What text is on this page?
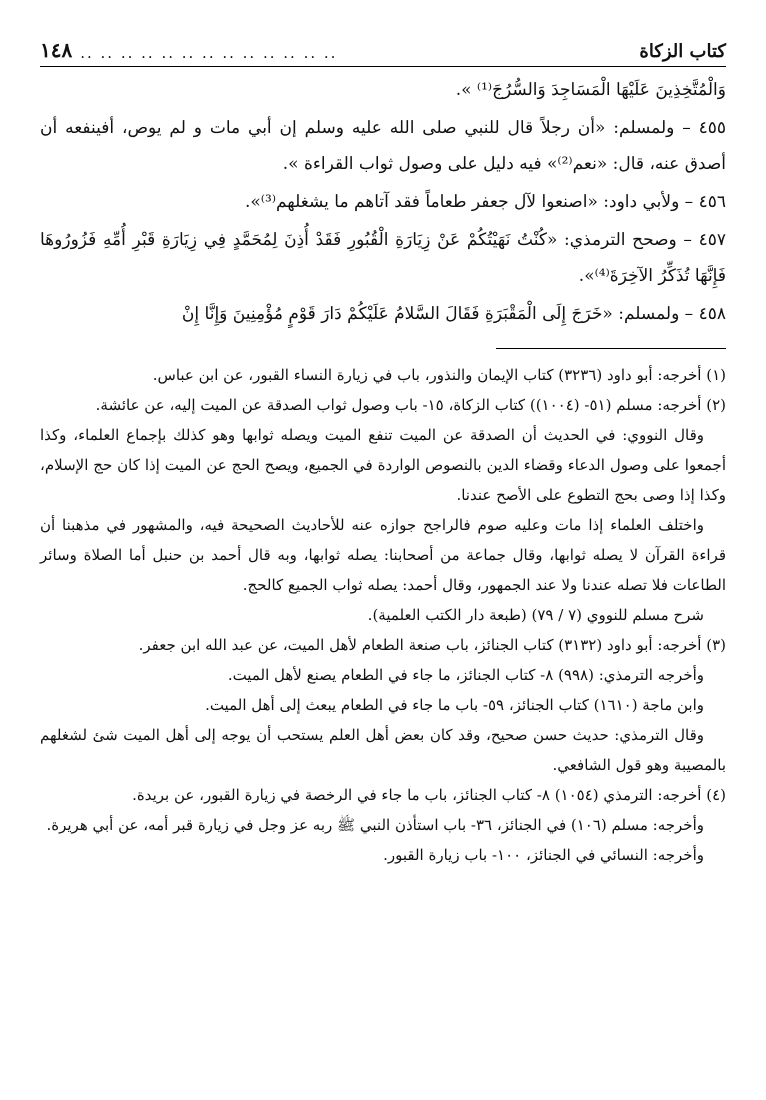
كتاب الزكاة
.. .. .. .. .. .. .. .. .. .. .. .. ..
١٤٨

وَالْمُتَّخِذِينَ عَلَيْهَا الْمَسَاجِدَ وَالسُّرُجَ⁽¹⁾ ».

٤٥٥ – ولمسلم: «أن رجلاً قال للنبي صلى الله عليه وسلم إن أبي مات و لم يوص، أفينفعه أن أصدق عنه، قال: «نعم⁽²⁾» فيه دليل على وصول ثواب القراءة ».

٤٥٦ – ولأبي داود: «اصنعوا لآل جعفر طعاماً فقد آتاهم ما يشغلهم⁽³⁾».

٤٥٧ – وصحح الترمذي: «كُنْتُ نَهَيْتُكُمْ عَنْ زِيَارَةِ الْقُبُورِ فَقَدْ أُذِنَ لِمُحَمَّدٍ فِي زِيَارَةِ قَبْرِ أُمِّهِ فَزُورُوهَا فَإِنَّهَا تُذَكِّرُ الآخِرَةَ⁽⁴⁾».

٤٥٨ – ولمسلم: «خَرَجَ إِلَى الْمَقْبَرَةِ فَقَالَ السَّلامُ عَلَيْكُمْ دَارَ قَوْمٍ مُؤْمِنِينَ وَإِنَّا إِنْ

(١) أخرجه: أبو داود (٣٢٣٦) كتاب الإيمان والنذور، باب في زيارة النساء القبور، عن ابن عباس.

(٢) أخرجه: مسلم (٥١- (١٠٠٤)) كتاب الزكاة، ١٥- باب وصول ثواب الصدقة عن الميت إليه، عن عائشة.

وقال النووي: في الحديث أن الصدقة عن الميت تنفع الميت ويصله ثوابها وهو كذلك بإجماع العلماء، وكذا أجمعوا على وصول الدعاء وقضاء الدين بالنصوص الواردة في الجميع، ويصح الحج عن الميت إذا كان حج الإسلام، وكذا إذا وصى بحج التطوع على الأصح عندنا.

واختلف العلماء إذا مات وعليه صوم فالراجح جوازه عنه للأحاديث الصحيحة فيه، والمشهور في مذهبنا أن قراءة القرآن لا يصله ثوابها، وقال جماعة من أصحابنا: يصله ثوابها، وبه قال أحمد بن حنبل أما الصلاة وسائر الطاعات فلا تصله عندنا ولا عند الجمهور، وقال أحمد: يصله ثواب الجميع كالحج.

شرح مسلم للنووي (٧ / ٧٩) (طبعة دار الكتب العلمية).

(٣) أخرجه: أبو داود (٣١٣٢) كتاب الجنائز، باب صنعة الطعام لأهل الميت، عن عبد الله ابن جعفر.

وأخرجه الترمذي: (٩٩٨) ٨- كتاب الجنائز، ما جاء في الطعام يصنع لأهل الميت.

وابن ماجة (١٦١٠) كتاب الجنائز، ٥٩- باب ما جاء في الطعام يبعث إلى أهل الميت.

وقال الترمذي: حديث حسن صحيح، وقد كان بعض أهل العلم يستحب أن يوجه إلى أهل الميت شئ لشغلهم بالمصيبة وهو قول الشافعي.

(٤) أخرجه: الترمذي (١٠٥٤) ٨- كتاب الجنائز، باب ما جاء في الرخصة في زيارة القبور، عن بريدة.

وأخرجه: مسلم (١٠٦) في الجنائز، ٣٦- باب استأذن النبي ﷺ ربه عز وجل في زيارة قبر أمه، عن أبي هريرة.

وأخرجه: النسائي في الجنائز، ١٠٠- باب زيارة القبور.
